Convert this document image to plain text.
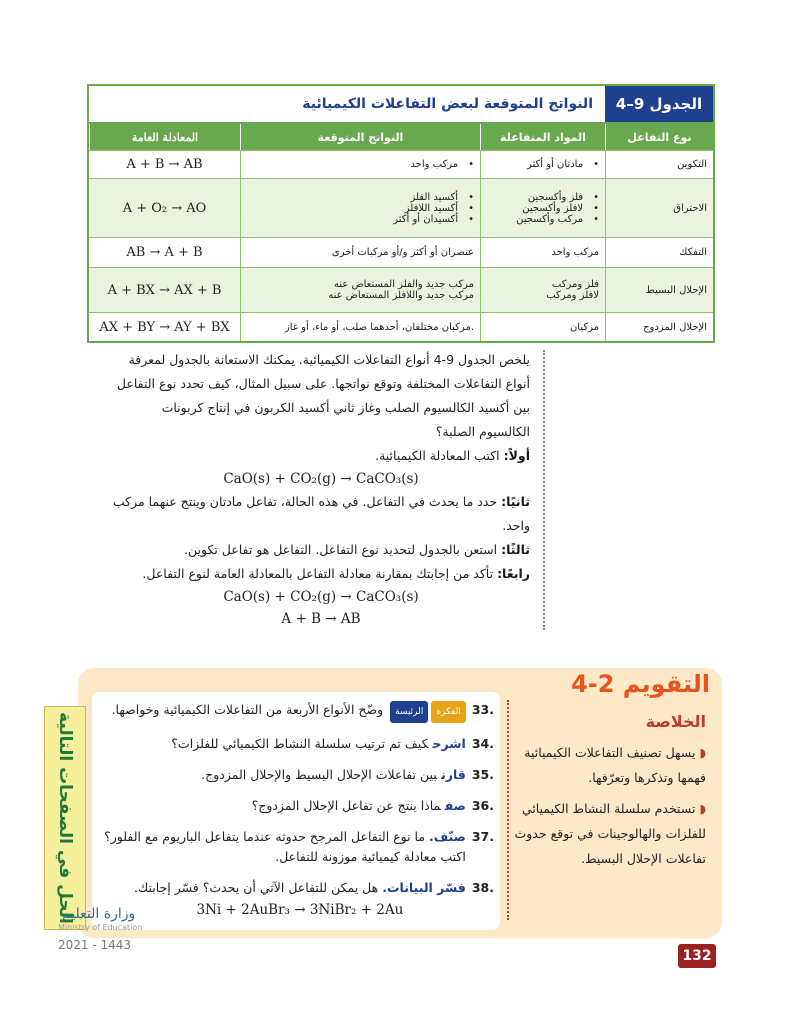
الجدول 9–4
النواتج المتوقعة لبعض التفاعلات الكيميائية
نوع التفاعل
المواد المتفاعلة
النواتج المتوقعة
المعادلة العامة
التكوين
• مادتان أو أكثر
• مركب واحد
A + B → AB
الاحتراق
• فلز وأكسجين
• لافلز وأكسجين
• مركب وأكسجين
• أكسيد الفلز
• أكسيد اللافلز
• أكسيدان أو أكثر
A + O₂ → AO
التفكك
مركب واحد
عنصران أو أكثر و/أو مركبات أخرى
AB → A + B
الإحلال البسيط
فلز ومركب
لافلز ومركب
مركب جديد والفلز المستعاض عنه
مركب جديد واللافلز المستعاض عنه
A + BX → AX + B
الإحلال المزدوج
مركبان
مركبان مختلفان، أحدهما صلب، أو ماء، أو غاز.
AX + BY → AY + BX

يلخص الجدول 9-4 أنواع التفاعلات الكيميائية. يمكنك الاستعانة بالجدول لمعرفة أنواع التفاعلات المختلفة وتوقع نواتجها. على سبيل المثال، كيف تحدد نوع التفاعل بين أكسيد الكالسيوم الصلب وغاز ثاني أكسيد الكربون في إنتاج كربونات الكالسيوم الصلبة؟

أولاً: اكتب المعادلة الكيميائية.

CaO(s) + CO₂(g) → CaCO₃(s)

ثانيًا: حدد ما يحدث في التفاعل. في هذه الحالة، تفاعل مادتان وينتج عنهما مركب واحد.

ثالثًا: استعن بالجدول لتحديد نوع التفاعل. التفاعل هو تفاعل تكوين.

رابعًا: تأكد من إجابتك بمقارنة معادلة التفاعل بالمعادلة العامة لنوع التفاعل.

CaO(s) + CO₂(g) → CaCO₃(s)

A + B → AB

التقويم 2-4
الخلاصة

◗ يسهل تصنيف التفاعلات الكيميائية فهمها وتذكرها وتعرّفها.

◗ تستخدم سلسلة النشاط الكيميائي للفلزات والهالوجينات في توقع حدوث تفاعلات الإحلال البسيط.

33.
الفكرةالرئيسة وضّح الأنواع الأربعة من التفاعلات الكيميائية وخواصها.
34.
اشرحكيف تم ترتيب سلسلة النشاط الكيميائي للفلزات؟
35.
قارنبين تفاعلات الإحلال البسيط والإحلال المزدوج.
36.
صفماذا ينتج عن تفاعل الإحلال المزدوج؟
37.
صنّف.ما نوع التفاعل المرجح حدوثه عندما يتفاعل الباريوم مع الفلور؟ اكتب معادلة كيميائية موزونة للتفاعل.
38.
فسّر البيانات.هل يمكن للتفاعل الآتي أن يحدث؟ فسّر إجابتك.
3Ni + 2AuBr₃ → 3NiBr₂ + 2Au
الحل في الصفحات التالية
وزارة التعليم
Ministry of Education
2021 - 1443
132
